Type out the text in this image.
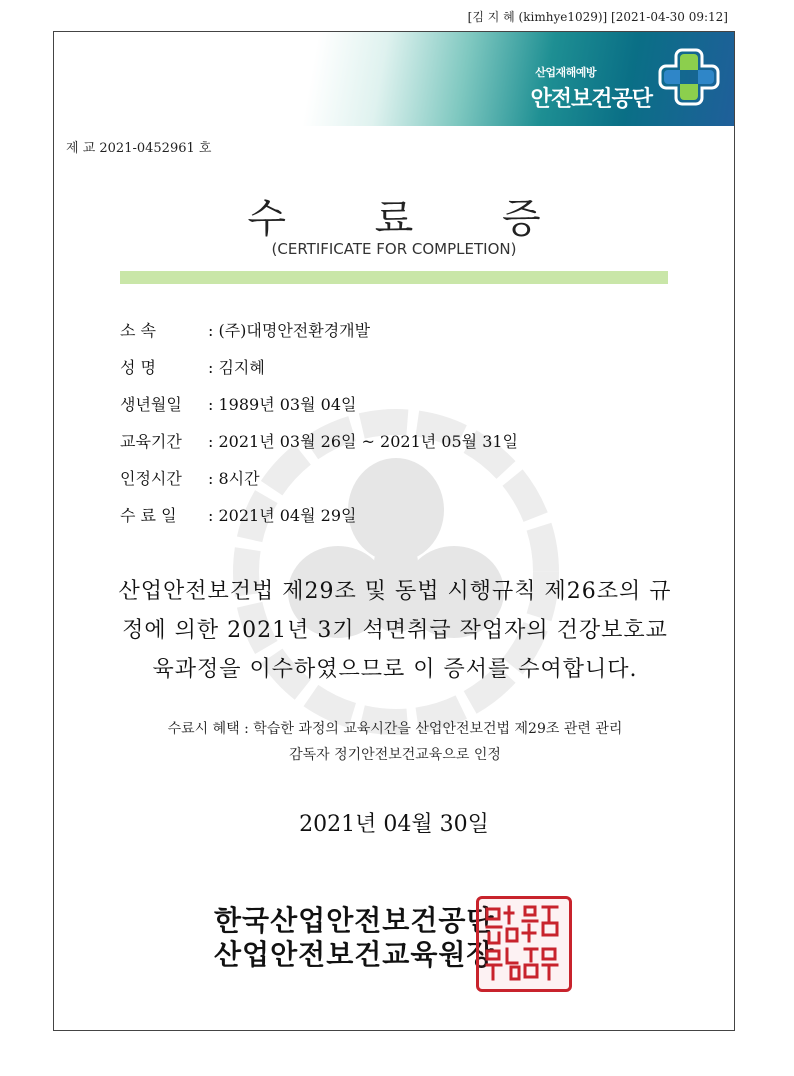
[김 지 혜 (kimhye1029)] [2021-04-30 09:12]
산업재해예방
안전보건공단
제 교 2021-0452961 호
수 료 증
(CERTIFICATE FOR COMPLETION)
소 속	: (주)대명안전환경개발
성 명	: 김지혜
생년월일 : 1989년 03월 04일
교육기간 : 2021년 03월 26일 ~ 2021년 05월 31일
인정시간 : 8시간
수 료 일 : 2021년 04월 29일
산업안전보건법 제29조 및 동법 시행규칙 제26조의 규
정에 의한 2021년 3기 석면취급 작업자의 건강보호교
육과정을 이수하였으므로 이 증서를 수여합니다.
수료시 혜택 : 학습한 과정의 교육시간을 산업안전보건법 제29조 관련 관리
감독자 정기안전보건교육으로 인정
2021년 04월 30일
한국산업안전보건공단
산업안전보건교육원장
